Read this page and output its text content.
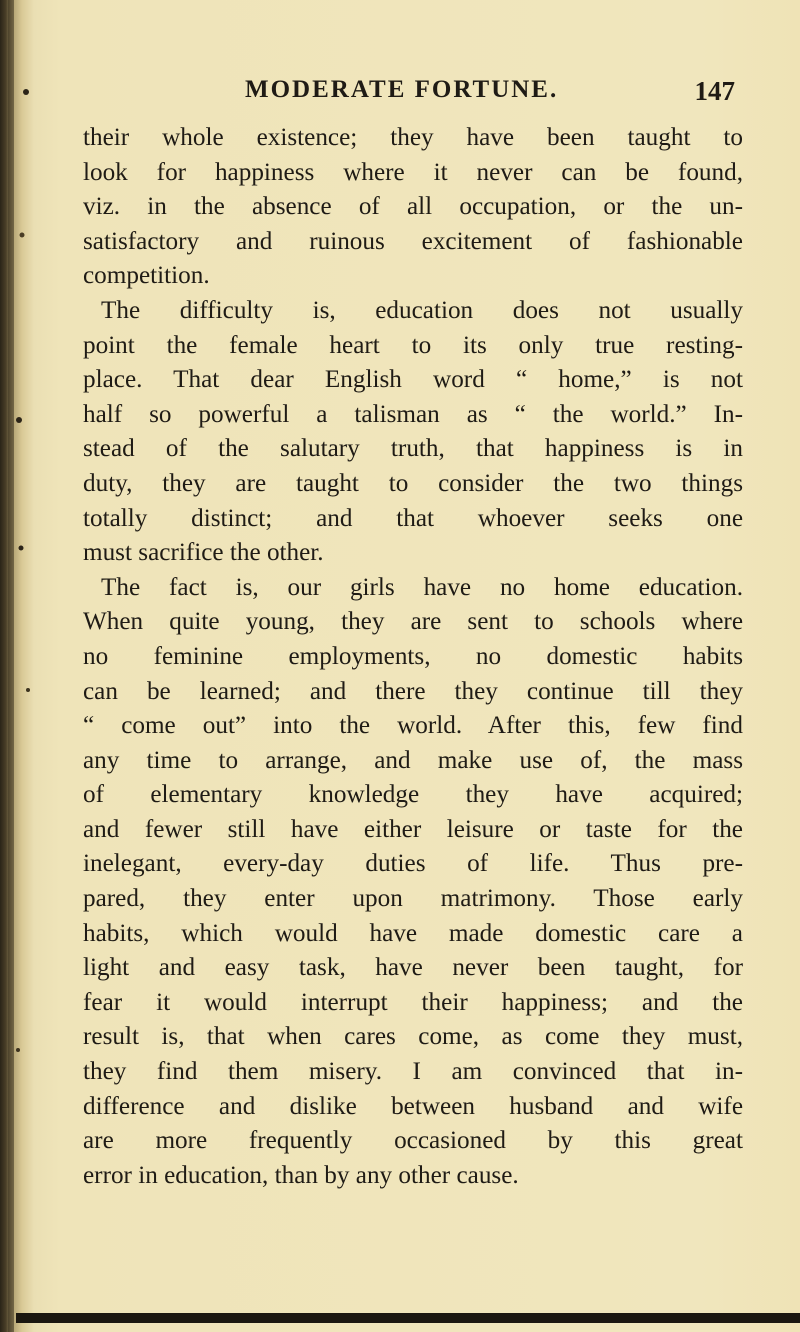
MODERATE FORTUNE.	147
their whole existence; they have been taught to
look for happiness where it never can be found,
viz. in the absence of all occupation, or the un-
satisfactory and ruinous excitement of fashionable
competition.
The difficulty is, education does not usually
point the female heart to its only true resting-
place. That dear English word “ home,” is not
half so powerful a talisman as “ the world.” In-
stead of the salutary truth, that happiness is in
duty, they are taught to consider the two things
totally distinct; and that whoever seeks one
must sacrifice the other.
The fact is, our girls have no home education.
When quite young, they are sent to schools where
no feminine employments, no domestic habits
can be learned; and there they continue till they
“ come out” into the world. After this, few find
any time to arrange, and make use of, the mass
of elementary knowledge they have acquired;
and fewer still have either leisure or taste for the
inelegant, every-day duties of life. Thus pre-
pared, they enter upon matrimony. Those early
habits, which would have made domestic care a
light and easy task, have never been taught, for
fear it would interrupt their happiness; and the
result is, that when cares come, as come they must,
they find them misery. I am convinced that in-
difference and dislike between husband and wife
are more frequently occasioned by this great
error in education, than by any other cause.
